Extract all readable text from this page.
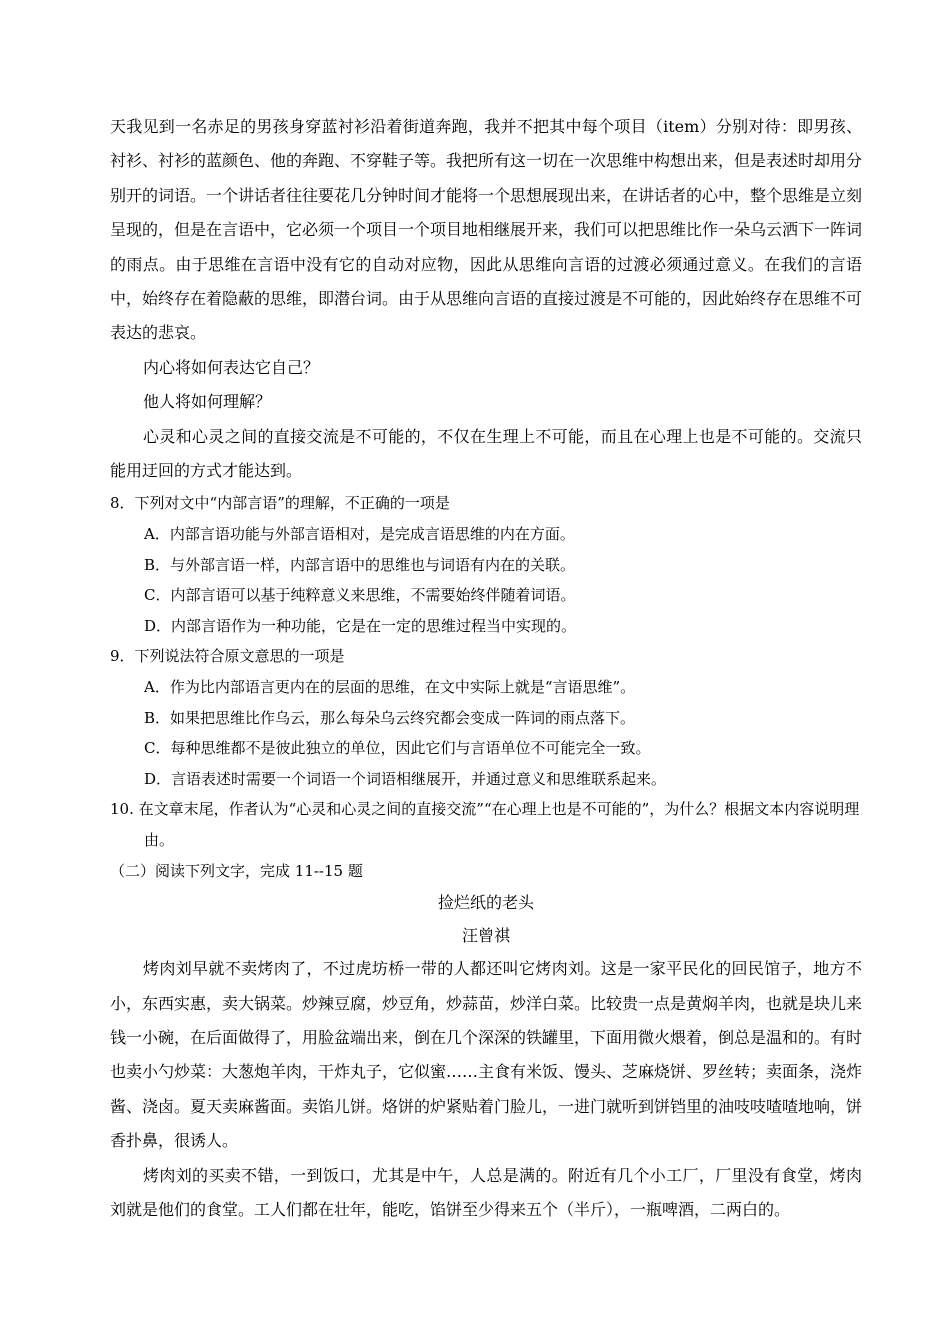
天我见到一名赤足的男孩身穿蓝衬衫沿着街道奔跑，我并不把其中每个项目（item）分别对待：即男孩、衬衫、衬衫的蓝颜色、他的奔跑、不穿鞋子等。我把所有这一切在一次思维中构想出来，但是表述时却用分别开的词语。一个讲话者往往要花几分钟时间才能将一个思想展现出来，在讲话者的心中，整个思维是立刻呈现的，但是在言语中，它必须一个项目一个项目地相继展开来，我们可以把思维比作一朵乌云洒下一阵词的雨点。由于思维在言语中没有它的自动对应物，因此从思维向言语的过渡必须通过意义。在我们的言语中，始终存在着隐蔽的思维，即潜台词。由于从思维向言语的直接过渡是不可能的，因此始终存在思维不可表达的悲哀。

内心将如何表达它自己？

他人将如何理解？

心灵和心灵之间的直接交流是不可能的，不仅在生理上不可能，而且在心理上也是不可能的。交流只能用迂回的方式才能达到。

8．下列对文中“内部言语”的理解，不正确的一项是

A．内部言语功能与外部言语相对，是完成言语思维的内在方面。

B．与外部言语一样，内部言语中的思维也与词语有内在的关联。

C．内部言语可以基于纯粹意义来思维，不需要始终伴随着词语。

D．内部言语作为一种功能，它是在一定的思维过程当中实现的。

9．下列说法符合原文意思的一项是

A．作为比内部语言更内在的层面的思维，在文中实际上就是“言语思维”。

B．如果把思维比作乌云，那么每朵乌云终究都会变成一阵词的雨点落下。

C．每种思维都不是彼此独立的单位，因此它们与言语单位不可能完全一致。

D．言语表述时需要一个词语一个词语相继展开，并通过意义和思维联系起来。

10. 在文章末尾，作者认为“心灵和心灵之间的直接交流”“在心理上也是不可能的”，为什么？根据文本内容说明理由。

（二）阅读下列文字，完成 11--15 题

捡烂纸的老头

汪曾祺

烤肉刘早就不卖烤肉了，不过虎坊桥一带的人都还叫它烤肉刘。这是一家平民化的回民馆子，地方不小，东西实惠，卖大锅菜。炒辣豆腐，炒豆角，炒蒜苗，炒洋白菜。比较贵一点是黄焖羊肉，也就是块儿来钱一小碗，在后面做得了，用脸盆端出来，倒在几个深深的铁罐里，下面用微火煨着，倒总是温和的。有时也卖小勺炒菜：大葱炮羊肉，干炸丸子，它似蜜……主食有米饭、馒头、芝麻烧饼、罗丝转；卖面条，浇炸酱、浇卤。夏天卖麻酱面。卖馅儿饼。烙饼的炉紧贴着门脸儿，一进门就听到饼铛里的油吱吱喳喳地响，饼香扑鼻，很诱人。

烤肉刘的买卖不错，一到饭口，尤其是中午，人总是满的。附近有几个小工厂，厂里没有食堂，烤肉刘就是他们的食堂。工人们都在壮年，能吃，馅饼至少得来五个（半斤），一瓶啤酒，二两白的。
